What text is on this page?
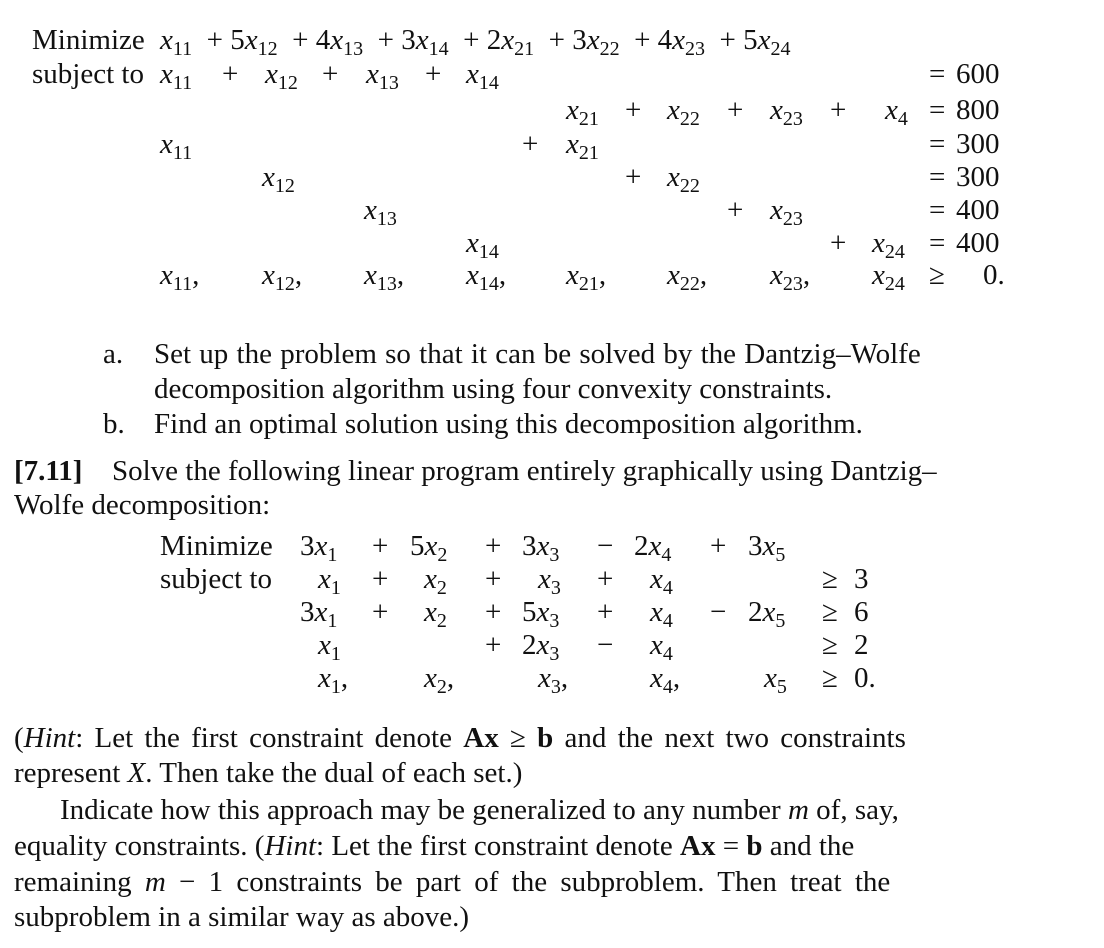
Minimize $x_{11} + 5x_{12} + 4x_{13} + 3x_{14} + 2x_{21} + 3x_{22} + 4x_{23} + 5x_{24}$
subject to $x_{11} + x_{12} + x_{13} + x_{14}$	= 600
$x_{21} + x_{22} + x_{23} + x_4 = 800$
$x_{11}$	+ $x_{21}$	= 300
$x_{12}$	+ $x_{22}$	= 300
$x_{13}$	+ $x_{23}$	= 400
$x_{14}$	+ $x_{24} = 400$
$x_{11}$, $x_{12}$, $x_{13}$, $x_{14}$, $x_{21}$, $x_{22}$, $x_{23}$, $x_{24} \ge 0$.
a. Set up the problem so that it can be solved by the Dantzig–Wolfe
decomposition algorithm using four convexity constraints.
b. Find an optimal solution using this decomposition algorithm.
[7.11] Solve the following linear program entirely graphically using Dantzig–
Wolfe decomposition:
Minimize $3x_1 + 5x_2 + 3x_3 - 2x_4 + 3x_5$
subject to $x_1 + x_2 + x_3 + x_4$	≥ 3
$3x_1 + x_2 + 5x_3 + x_4 - 2x_5 \ge 6$
$x_1$	+ $2x_3 - x_4$	≥ 2
$x_1$,	$x_2$,	$x_3$,	$x_4$,	$x_5 \ge 0$.
(Hint: Let the first constraint denote Ax ≥ b and the next two constraints
represent X. Then take the dual of each set.)
Indicate how this approach may be generalized to any number m of, say,
equality constraints. (Hint: Let the first constraint denote Ax = b and the
remaining m − 1 constraints be part of the subproblem. Then treat the
subproblem in a similar way as above.)
